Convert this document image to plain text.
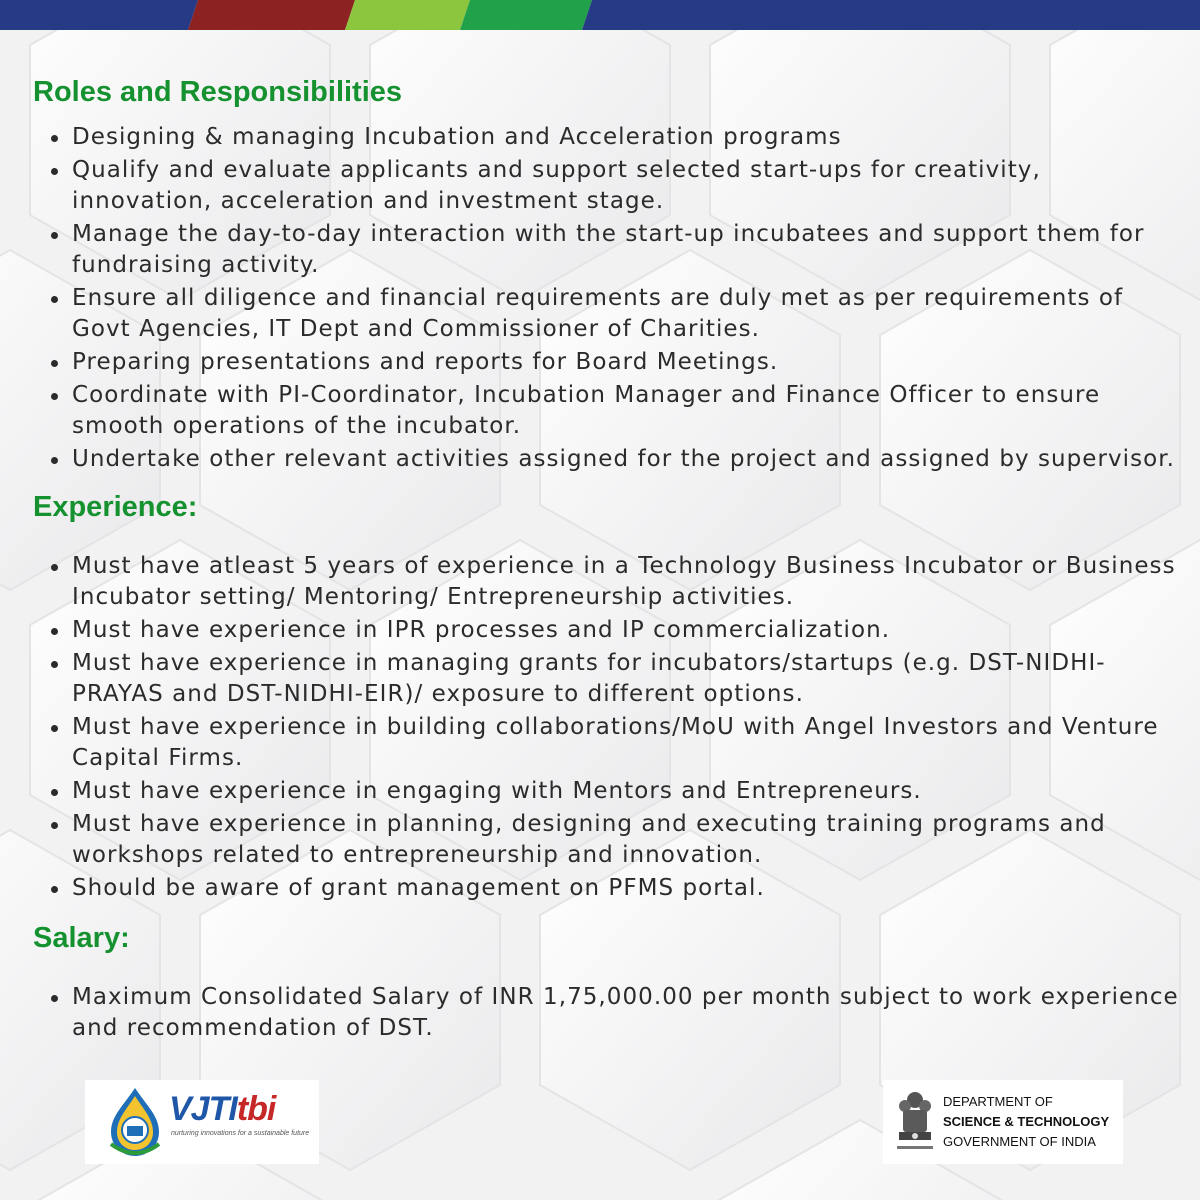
Roles and Responsibilities
Designing & managing Incubation and Acceleration programs
Qualify and evaluate applicants and support selected start-ups for creativity, innovation, acceleration and investment stage.
Manage the day-to-day interaction with the start-up incubatees and support them for fundraising activity.
Ensure all diligence and financial requirements are duly met as per requirements of Govt Agencies, IT Dept and Commissioner of Charities.
Preparing presentations and reports for Board Meetings.
Coordinate with PI-Coordinator, Incubation Manager and Finance Officer to ensure smooth operations of the incubator.
Undertake other relevant activities assigned for the project and assigned by supervisor.
Experience:
Must have atleast 5 years of experience in a Technology Business Incubator or Business Incubator setting/ Mentoring/ Entrepreneurship activities.
Must have experience in IPR processes and IP commercialization.
Must have experience in managing grants for incubators/startups (e.g. DST-NIDHI-PRAYAS and DST-NIDHI-EIR)/ exposure to different options.
Must have experience in building collaborations/MoU with Angel Investors and Venture Capital Firms.
Must have experience in engaging with Mentors and Entrepreneurs.
Must have experience in planning, designing and executing training programs and workshops related to entrepreneurship and innovation.
Should be aware of grant management on PFMS portal.
Salary:
Maximum Consolidated Salary of INR 1,75,000.00 per month subject to work experience and recommendation of DST.
VJTItbi
nurturing innovations for a sustainable future
DEPARTMENT OF
SCIENCE & TECHNOLOGY
GOVERNMENT OF INDIA
